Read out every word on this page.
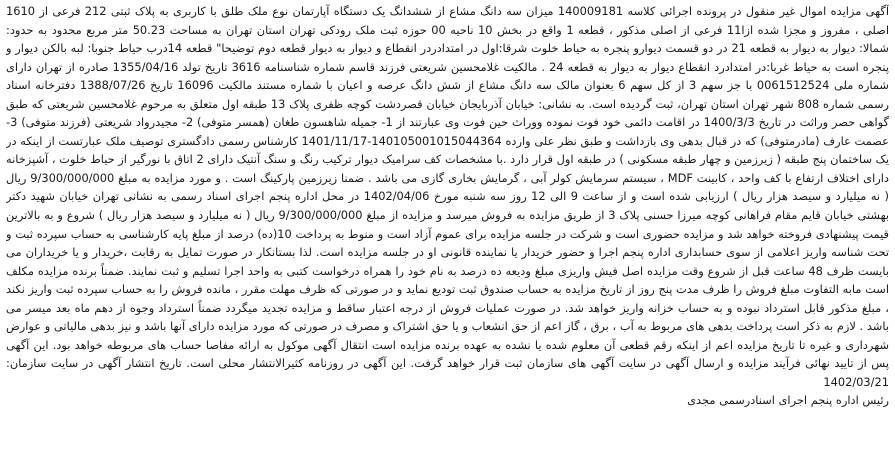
آگهی مزایده اموال غیر منقول در پرونده اجرائی کلاسه 140009181 میزان سه دانگ مشاع از ششدانگ یک دستگاه آپارتمان نوع ملک طلق با کاربری به پلاک ثبتی 212 فرعی از 1610 اصلی ، مفروز و مجزا شده ازا11 فرعی از اصلی مذکور ، قطعه 1 واقع در بخش 10 ناحیه 00 حوزه ثبت ملک رودکی تهران استان تهران به مساحت 50.23 متر مربع محدود به حدود: شمالا: دیوار به دیوار به قطعه 21 در دو قسمت دیوارو پنجره به حیاط خلوت شرقا:اول در امتدادردر انقطاع و دیوار به دیوار قطعه دوم توضیحا" قطعه 14درب حیاط جنوبا: لبه بالکن دیوار و پنجره است به حیاط غربا:در امتدادرد انقطاع دیوار به دیوار به قطعه 24 . مالکیت غلامحسین شریعتی فرزند قاسم شماره شناسنامه 3616 تاریخ تولد 1355/04/16 صادره از تهران دارای شماره ملی 0061512524 با جز سهم 3 از کل سهم 6 بعنوان مالک سه دانگ مشاع از شش دانگ عرصه و اعیان با شماره مستند مالکیت 16096 تاریخ 1388/07/26 دفترخانه اسناد رسمی شماره 808 شهر تهران استان تهران، ثبت گردیده است. به نشانی: خیابان آذربایجان خیابان قصردشت کوچه ظفری پلاک 13 طبقه اول متعلق به مرحوم غلامحسین شریعتی که طبق گواهی حصر وراثت در تاریخ 1400/3/3 در اقامت دائمی خود فوت نموده ووراث حین فوت وی عبارتند از 1- جمیله شاهسون طغان (همسر متوفی) 2- مجیدرواد شریعتی (فرزند متوفی) 3- عصمت عارف (مادرمتوفی) که در قبال بدهی وی بازداشت و طبق نظر علی وارده 140105001015044364-1401/11/17 کارشناس رسمی دادگستری توصیف ملک عبارتست از اینکه در یک ساختمان پنج طبقه ( زیرزمین و چهار طبقه مسکونی ) در طبقه اول قرار دارد .با مشخصات کف سرامیک دیوار ترکیب رنگ و سنگ آنتیک دارای 2 اتاق با نورگیر از حیاط خلوت ، آشپزخانه دارای اختلاف ارتفاع با کف واحد ، کابینت MDF ، سیستم سرمایش کولر آبی ، گرمایش بخاری گازی می باشد . ضمنا زیرزمین پارکینگ است . و مورد مزایده به مبلغ 9/300/000/000 ریال ( نه میلیارد و سیصد هزار ریال ) ارزیابی شده است و از ساعت 9 الی 12 روز سه شنبه مورخ 1402/04/06 در محل اداره پنجم اجرای اسناد رسمی به نشانی تهران خیابان شهید دکتر بهشتی خیابان قایم مقام فراهانی کوچه میرزا حسنی پلاک 3 از طریق مزایده به فروش میرسد و مزایده از مبلغ 9/300/000/000 ریال ( نه میلیارد و سیصد هزار ریال ) شروع و به بالاترین قیمت پیشنهادی فروخته خواهد شد و مزایده حضوری است و شرکت در جلسه مزایده برای عموم آزاد است و منوط به پرداخت 10(ده) درصد از مبلغ پایه کارشناسی به حساب سپرده ثبت و تحت شناسه واریز اعلامی از سوی حسابداری اداره پنجم اجرا و حضور خریدار یا نماینده قانونی او در جلسه مزایده است. لذا بستانکار در صورت تمایل به رقابت ،خریدار و یا خریداران می بایست ظرف 48 ساعت قبل از شروع وقت مزایده اصل فیش واریزی مبلغ ودیعه ده درصد به نام خود را همراه درخواست کتبی به واحد اجرا تسلیم و ثبت نمایند. ضمناً برنده مزایده مکلف است مابه التفاوت مبلغ فروش را ظرف مدت پنج روز از تاریخ مزایده به حساب صندوق ثبت تودیع نماید و در صورتی که ظرف مهلت مقرر ، مانده فروش را به حساب سپرده ثبت واریز نکند ، مبلغ مذکور قابل استرداد نبوده و به حساب خزانه واریز خواهد شد. در صورت عملیات فروش از درجه اعتبار ساقط و مزایده تجدید میگردد ضمناً استرداد وجوه از دهم ماه بعد میسر می باشد . لازم به ذکر است پرداخت بدهی های مربوط به آب ، برق ، گاز اعم از حق انشعاب و یا حق اشتراک و مصرف در صورتی که مورد مزایده دارای آنها باشد و نیز بدهی مالیاتی و عوارض شهرداری و غیره تا تاریخ مزایده اعم از اینکه رقم قطعی آن معلوم شده یا نشده به عهده برنده مزایده است انتقال آگهی موکول به ارائه مفاصا حساب های مربوطه خواهد بود. این آگهی پس از تایید نهائی فرآیند مزایده و ارسال آگهی در سایت آگهی های سازمان ثبت قرار خواهد گرفت. این آگهی در روزنامه کثیرالانتشار محلی است. تاریخ انتشار آگهی در سایت سازمان: 1402/03/21

رئیس اداره پنجم اجرای اسنادرسمی مجدی
